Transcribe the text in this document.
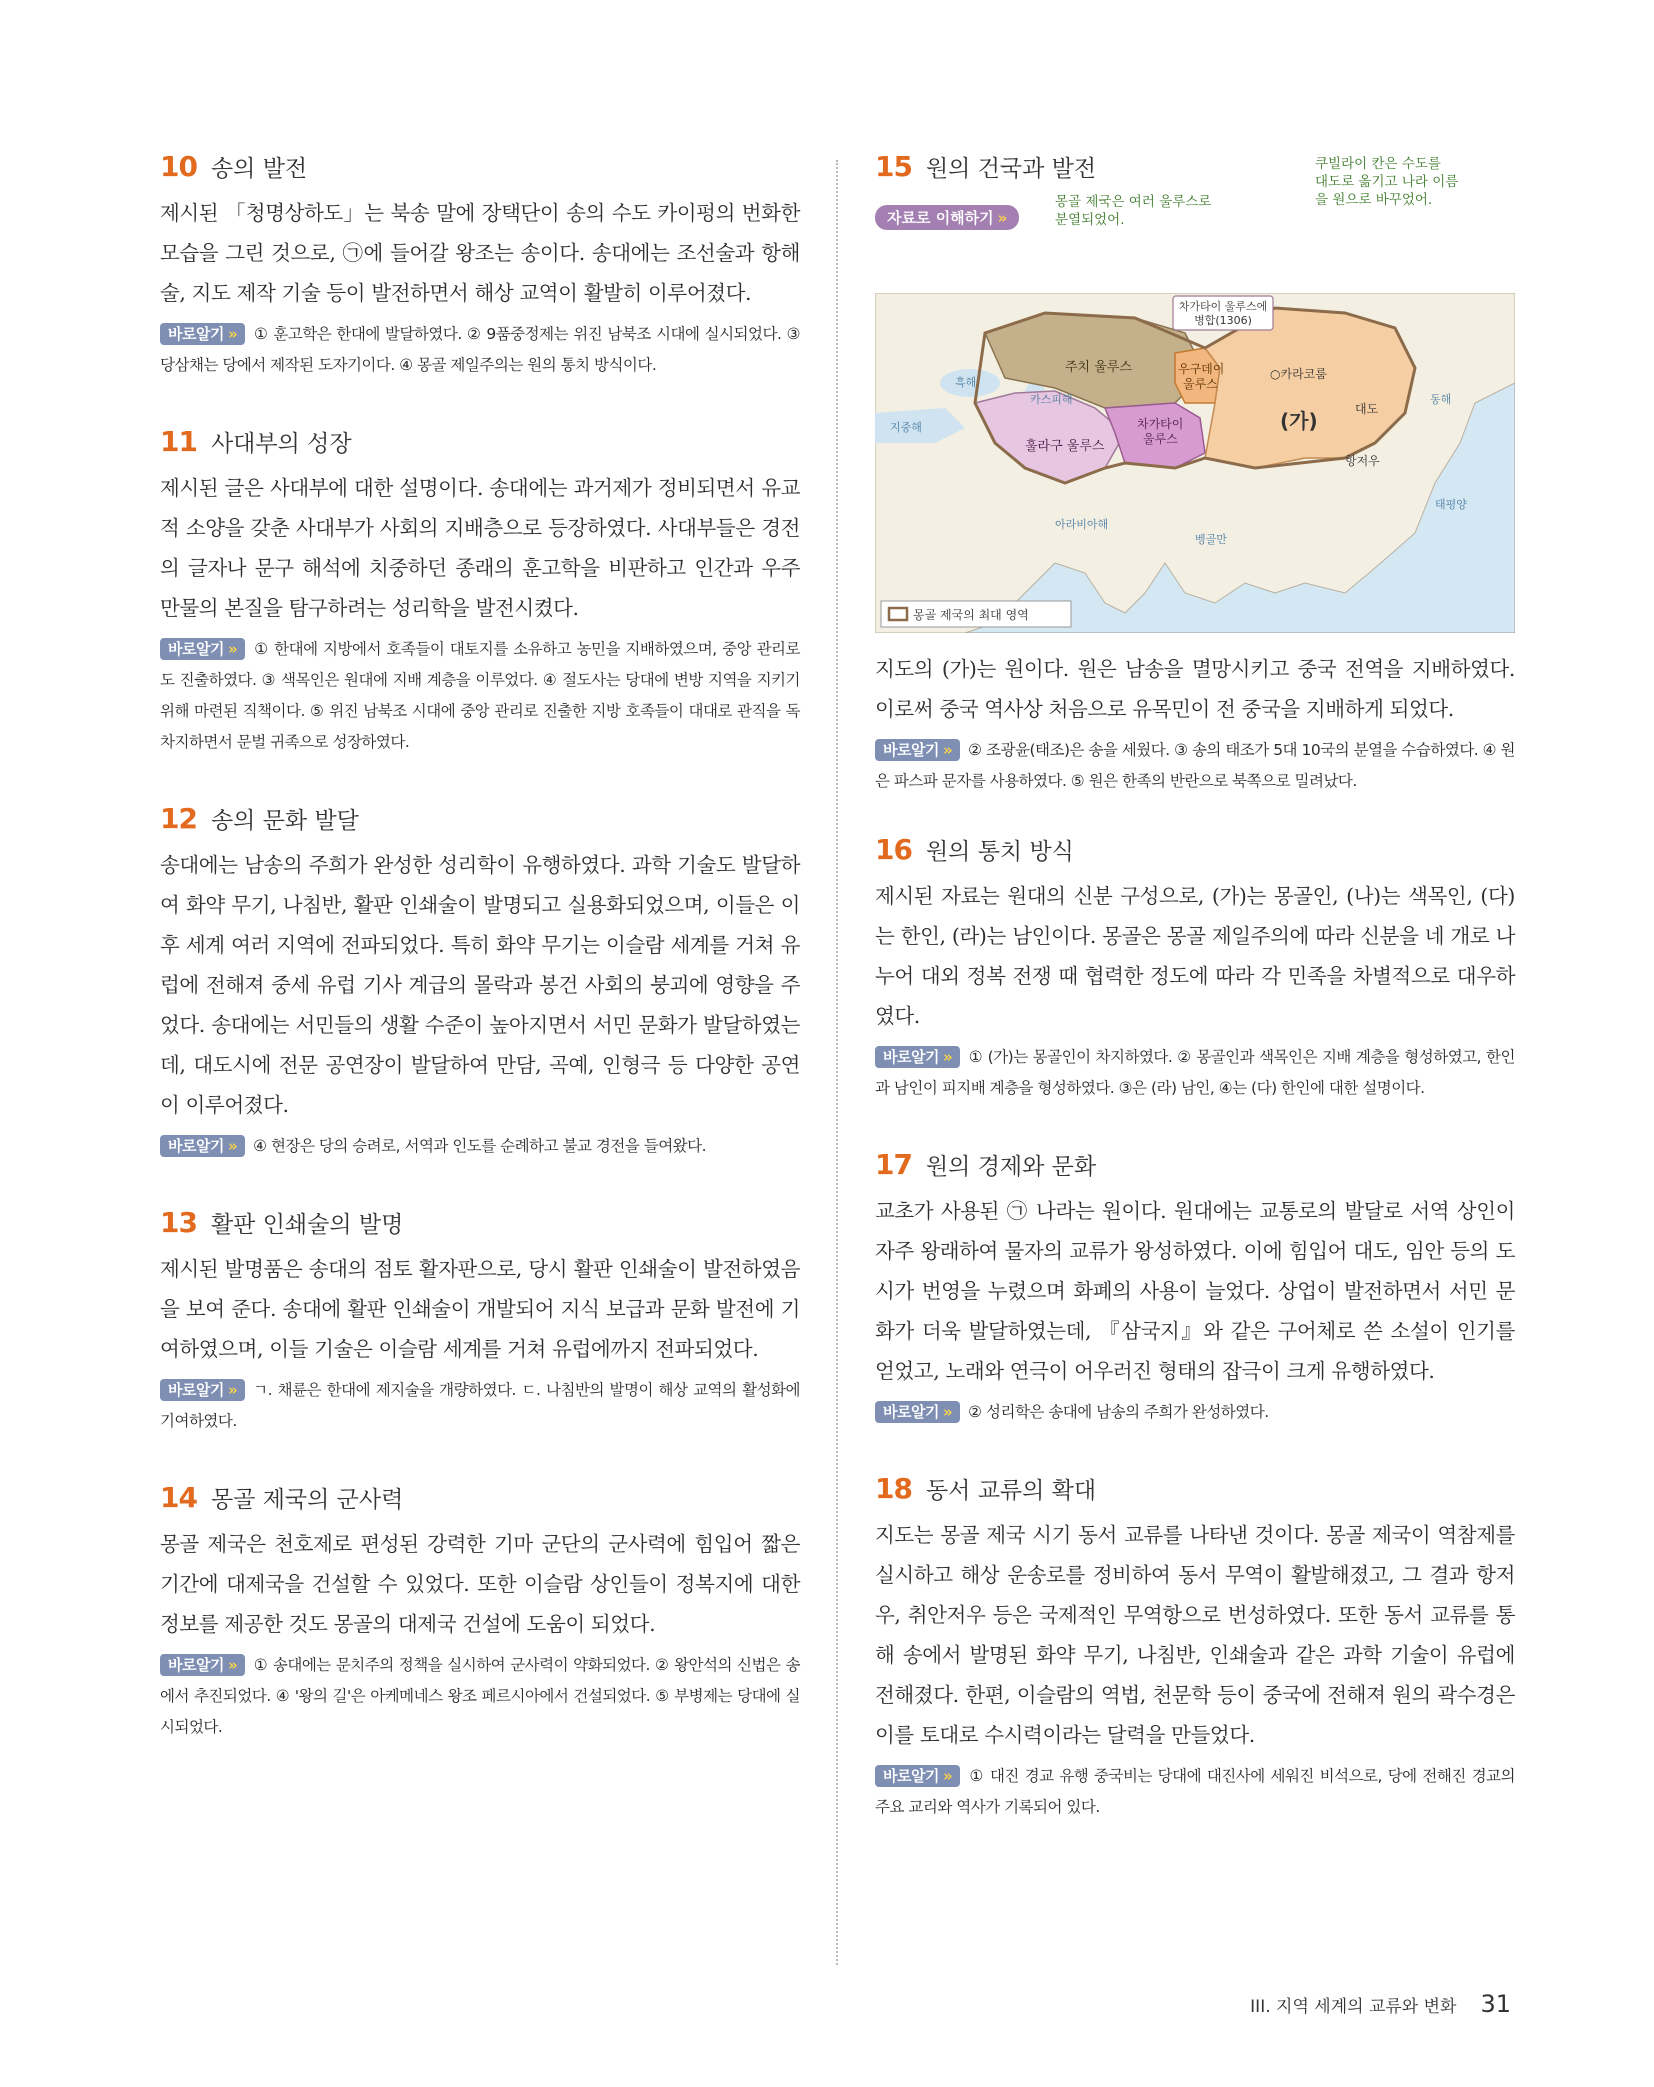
10 송의 발전

제시된 「청명상하도」는 북송 말에 장택단이 송의 수도 카이펑의 번화한 모습을 그린 것으로, ㉠에 들어갈 왕조는 송이다. 송대에는 조선술과 항해술, 지도 제작 기술 등이 발전하면서 해상 교역이 활발히 이루어졌다.

바로알기 » ① 훈고학은 한대에 발달하였다. ② 9품중정제는 위진 남북조 시대에 실시되었다. ③ 당삼채는 당에서 제작된 도자기이다. ④ 몽골 제일주의는 원의 통치 방식이다.
11 사대부의 성장

제시된 글은 사대부에 대한 설명이다. 송대에는 과거제가 정비되면서 유교적 소양을 갖춘 사대부가 사회의 지배층으로 등장하였다. 사대부들은 경전의 글자나 문구 해석에 치중하던 종래의 훈고학을 비판하고 인간과 우주 만물의 본질을 탐구하려는 성리학을 발전시켰다.

바로알기 » ① 한대에 지방에서 호족들이 대토지를 소유하고 농민을 지배하였으며, 중앙 관리로도 진출하였다. ③ 색목인은 원대에 지배 계층을 이루었다. ④ 절도사는 당대에 변방 지역을 지키기 위해 마련된 직책이다. ⑤ 위진 남북조 시대에 중앙 관리로 진출한 지방 호족들이 대대로 관직을 독차지하면서 문벌 귀족으로 성장하였다.
12 송의 문화 발달

송대에는 남송의 주희가 완성한 성리학이 유행하였다. 과학 기술도 발달하여 화약 무기, 나침반, 활판 인쇄술이 발명되고 실용화되었으며, 이들은 이후 세계 여러 지역에 전파되었다. 특히 화약 무기는 이슬람 세계를 거쳐 유럽에 전해져 중세 유럽 기사 계급의 몰락과 봉건 사회의 붕괴에 영향을 주었다. 송대에는 서민들의 생활 수준이 높아지면서 서민 문화가 발달하였는데, 대도시에 전문 공연장이 발달하여 만담, 곡예, 인형극 등 다양한 공연이 이루어졌다.

바로알기 » ④ 현장은 당의 승려로, 서역과 인도를 순례하고 불교 경전을 들여왔다.
13 활판 인쇄술의 발명

제시된 발명품은 송대의 점토 활자판으로, 당시 활판 인쇄술이 발전하였음을 보여 준다. 송대에 활판 인쇄술이 개발되어 지식 보급과 문화 발전에 기여하였으며, 이들 기술은 이슬람 세계를 거쳐 유럽에까지 전파되었다.

바로알기 » ㄱ. 채륜은 한대에 제지술을 개량하였다. ㄷ. 나침반의 발명이 해상 교역의 활성화에 기여하였다.
14 몽골 제국의 군사력

몽골 제국은 천호제로 편성된 강력한 기마 군단의 군사력에 힘입어 짧은 기간에 대제국을 건설할 수 있었다. 또한 이슬람 상인들이 정복지에 대한 정보를 제공한 것도 몽골의 대제국 건설에 도움이 되었다.

바로알기 » ① 송대에는 문치주의 정책을 실시하여 군사력이 약화되었다. ② 왕안석의 신법은 송에서 추진되었다. ④ '왕의 길'은 아케메네스 왕조 페르시아에서 건설되었다. ⑤ 부병제는 당대에 실시되었다.
15 원의 건국과 발전
자료로 이해하기 »
몽골 제국은 여러 울루스로
분열되었어.
쿠빌라이 칸은 수도를
대도로 옮기고 나라 이름
을 원으로 바꾸었어.
차가타이 울루스에
병합(1306)
주치 울루스	우구데이
울루스
차가타이
울루스
훌라구 울루스
(가)
○카라코룸
대도
항저우
카스피해
지중해
흑해
아라비아해
벵골만
태평양
동해
몽골 제국의 최대 영역

지도의 (가)는 원이다. 원은 남송을 멸망시키고 중국 전역을 지배하였다. 이로써 중국 역사상 처음으로 유목민이 전 중국을 지배하게 되었다.

바로알기 » ② 조광윤(태조)은 송을 세웠다. ③ 송의 태조가 5대 10국의 분열을 수습하였다. ④ 원은 파스파 문자를 사용하였다. ⑤ 원은 한족의 반란으로 북쪽으로 밀려났다.
16 원의 통치 방식

제시된 자료는 원대의 신분 구성으로, (가)는 몽골인, (나)는 색목인, (다)는 한인, (라)는 남인이다. 몽골은 몽골 제일주의에 따라 신분을 네 개로 나누어 대외 정복 전쟁 때 협력한 정도에 따라 각 민족을 차별적으로 대우하였다.

바로알기 » ① (가)는 몽골인이 차지하였다. ② 몽골인과 색목인은 지배 계층을 형성하였고, 한인과 남인이 피지배 계층을 형성하였다. ③은 (라) 남인, ④는 (다) 한인에 대한 설명이다.
17 원의 경제와 문화

교초가 사용된 ㉠ 나라는 원이다. 원대에는 교통로의 발달로 서역 상인이 자주 왕래하여 물자의 교류가 왕성하였다. 이에 힘입어 대도, 임안 등의 도시가 번영을 누렸으며 화폐의 사용이 늘었다. 상업이 발전하면서 서민 문화가 더욱 발달하였는데, 『삼국지』와 같은 구어체로 쓴 소설이 인기를 얻었고, 노래와 연극이 어우러진 형태의 잡극이 크게 유행하였다.

바로알기 » ② 성리학은 송대에 남송의 주희가 완성하였다.
18 동서 교류의 확대

지도는 몽골 제국 시기 동서 교류를 나타낸 것이다. 몽골 제국이 역참제를 실시하고 해상 운송로를 정비하여 동서 무역이 활발해졌고, 그 결과 항저우, 취안저우 등은 국제적인 무역항으로 번성하였다. 또한 동서 교류를 통해 송에서 발명된 화약 무기, 나침반, 인쇄술과 같은 과학 기술이 유럽에 전해졌다. 한편, 이슬람의 역법, 천문학 등이 중국에 전해져 원의 곽수경은 이를 토대로 수시력이라는 달력을 만들었다.

바로알기 » ① 대진 경교 유행 중국비는 당대에 대진사에 세워진 비석으로, 당에 전해진 경교의 주요 교리와 역사가 기록되어 있다.
III. 지역 세계의 교류와 변화 31
